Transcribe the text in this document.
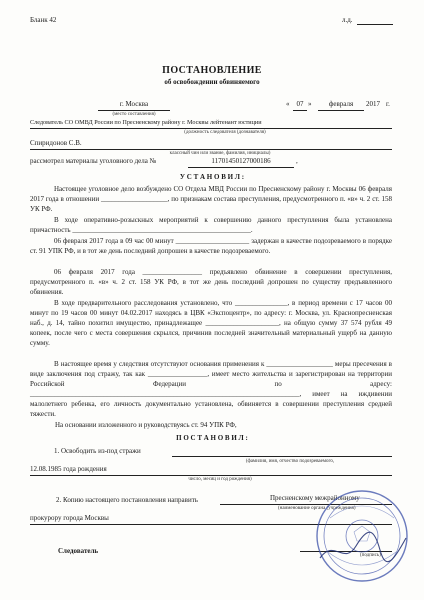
Бланк 42	л.д.
ПОСТАНОВЛЕНИЕ
об освобождении обвиняемого
г. Москва
(место составления)
«	07 »	февраля	2017 г.
Следователь СО ОМВД России по Пресненскому району г. Москвы лейтенант юстиции
(должность следователя (дознавателя)
Спиридонов С.В.
классный чин или звание, фамилия, инициалы)
рассмотрел материалы уголовного дела №	11701450127000186	,
У С Т А Н О В И Л :
Настоящее уголовное дело возбуждено СО Отдела МВД России по Пресненскому району г. Москвы 06 февраля 2017 года в отношении ___________________, по признакам состава преступления, предусмотренного п. «в» ч. 2 ст. 158 УК РФ.
В ходе оперативно-розыскных мероприятий к совершению данного преступления была установлена причастность ___________________________________________________.
06 февраля 2017 года в 09 час 00 минут _____________________ задержан в качестве подозреваемого в порядке ст. 91 УПК РФ, и в тот же день последний допрошен в качестве подозреваемого.
06 февраля 2017 года _________________ предъявлено обвинение в совершении преступления, предусмотренного п. «в» ч. 2 ст. 158 УК РФ, в тот же день последний допрошен по существу предъявленного обвинения.
В ходе предварительного расследования установлено, что _______________, в период времени с 17 часов 00 минут по 19 часов 00 минут 04.02.2017 находясь в ЦВК «Экспоцентр», по адресу: г. Москва, ул. Краснопресненская наб., д. 14, тайно похитил имущество, принадлежащее _____________________, на общую сумму 37 574 рубля 49 копеек, после чего с места совершения скрылся, причинив последней значительный материальный ущерб на данную сумму.
В настоящее время у следствия отсутствуют основания применения к ___________________ меры пресечения в виде заключения под стражу, так как _________________, имеет место жительства и зарегистрирован на территории Российской Федерации по адресу: _____________________________________________________________________________, имеет на иждивении малолетнего ребенка, его личность документально установлена, обвиняется в совершении преступления средней тяжести.
На основании изложенного и руководствуясь ст. 94 УПК РФ,
П О С Т А Н О В И Л :
1. Освободить из-под стражи
(фамилия, имя, отчество подозреваемого,
12.08.1985 года рождения
число, месяц и год рождения)
2. Копию настоящего постановления направить	Пресненскому межрайонному
(наименование органа (учреждения)
прокурору города Москвы
Следователь
(подпись)
